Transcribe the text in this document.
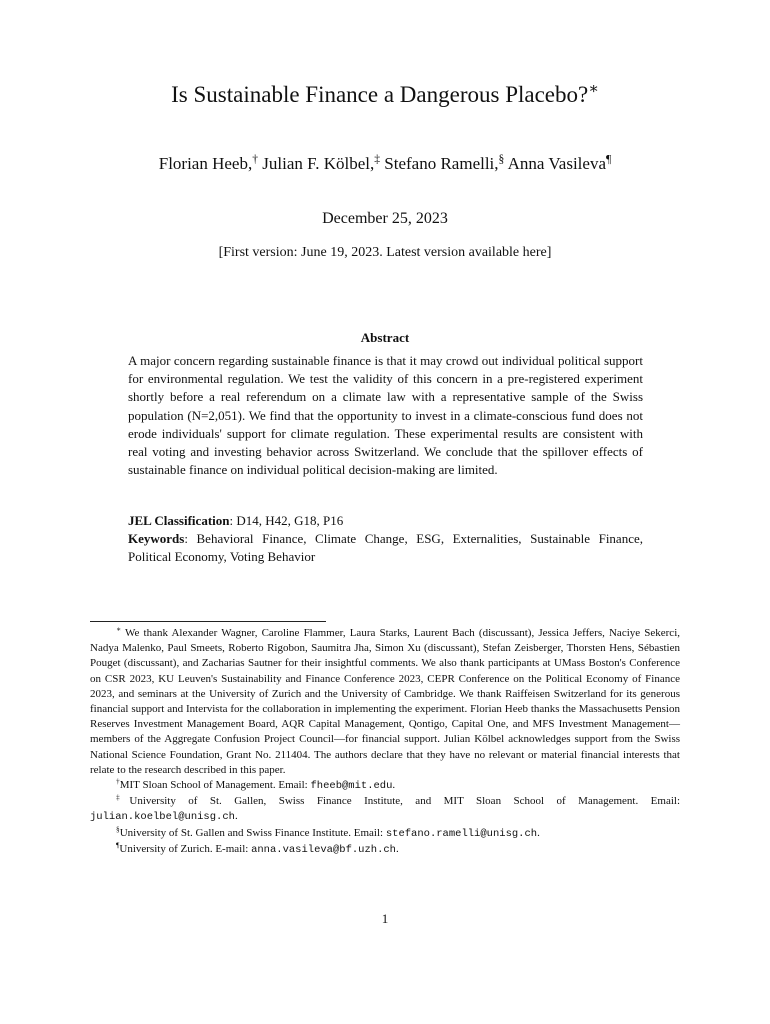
Is Sustainable Finance a Dangerous Placebo?∗
Florian Heeb,† Julian F. Kölbel,‡ Stefano Ramelli,§ Anna Vasileva¶
December 25, 2023
[First version: June 19, 2023. Latest version available here]
Abstract
A major concern regarding sustainable finance is that it may crowd out individual political support for environmental regulation. We test the validity of this concern in a pre-registered experiment shortly before a real referendum on a climate law with a representative sample of the Swiss population (N=2,051). We find that the opportunity to invest in a climate-conscious fund does not erode individuals' support for climate regulation. These experimental results are consistent with real voting and investing behavior across Switzerland. We conclude that the spillover effects of sustainable finance on individual political decision-making are limited.
JEL Classification: D14, H42, G18, P16
Keywords: Behavioral Finance, Climate Change, ESG, Externalities, Sustainable Finance, Political Economy, Voting Behavior

∗ We thank Alexander Wagner, Caroline Flammer, Laura Starks, Laurent Bach (discussant), Jessica Jeffers, Naciye Sekerci, Nadya Malenko, Paul Smeets, Roberto Rigobon, Saumitra Jha, Simon Xu (discussant), Stefan Zeisberger, Thorsten Hens, Sébastien Pouget (discussant), and Zacharias Sautner for their insightful comments. We also thank participants at UMass Boston's Conference on CSR 2023, KU Leuven's Sustainability and Finance Conference 2023, CEPR Conference on the Political Economy of Finance 2023, and seminars at the University of Zurich and the University of Cambridge. We thank Raiffeisen Switzerland for its generous financial support and Intervista for the collaboration in implementing the experiment. Florian Heeb thanks the Massachusetts Pension Reserves Investment Management Board, AQR Capital Management, Qontigo, Capital One, and MFS Investment Management—members of the Aggregate Confusion Project Council—for financial support. Julian Kölbel acknowledges support from the Swiss National Science Foundation, Grant No. 211404. The authors declare that they have no relevant or material financial interests that relate to the research described in this paper.

†MIT Sloan School of Management. Email: fheeb@mit.edu.

‡University of St. Gallen, Swiss Finance Institute, and MIT Sloan School of Management. Email: julian.koelbel@unisg.ch.

§University of St. Gallen and Swiss Finance Institute. Email: stefano.ramelli@unisg.ch.

¶University of Zurich. E-mail: anna.vasileva@bf.uzh.ch.

1
